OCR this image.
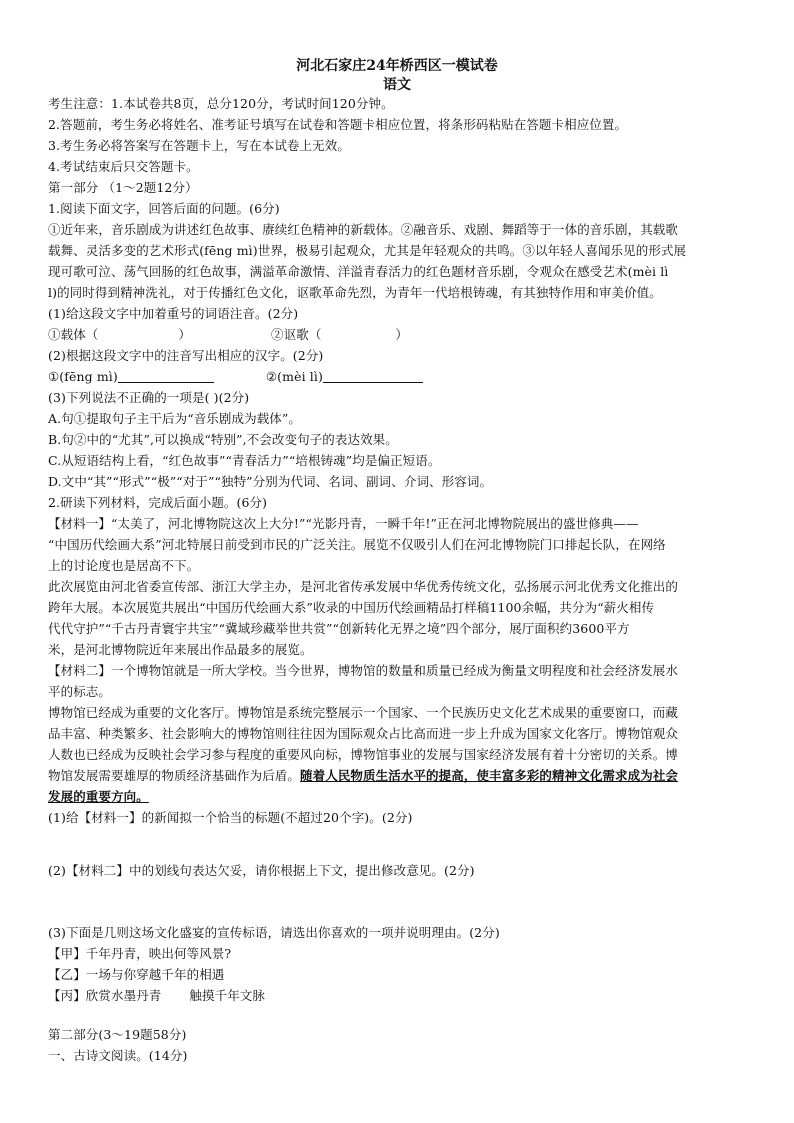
河北石家庄24年桥西区一模试卷
语文
考生注意：1.本试卷共8页，总分120分，考试时间120分钟。
2.答题前，考生务必将姓名、准考证号填写在试卷和答题卡相应位置，将条形码粘贴在答题卡相应位置。
3.考生务必将答案写在答题卡上，写在本试卷上无效。
4.考试结束后只交答题卡。
第一部分 （1～2题12分）
1.阅读下面文字，回答后面的问题。(6分)
①近年来，音乐剧成为讲述红色故事、赓续红色精神的新载体。②融音乐、戏剧、舞蹈等于一体的音乐剧，其载歌
载舞、灵活多变的艺术形式(fēng mì)世界，极易引起观众，尤其是年轻观众的共鸣。③以年轻人喜闻乐见的形式展
现可歌可泣、荡气回肠的红色故事，满溢革命激情、洋溢青春活力的红色题材音乐剧，令观众在感受艺术(mèi lì
l)的同时得到精神洗礼，对于传播红色文化，讴歌革命先烈，为青年一代培根铸魂，有其独特作用和审美价值。
(1)给这段文字中加着重号的词语注音。(2分)
①载体（	）	②讴歌（	）
(2)根据这段文字中的注音写出相应的汉字。(2分)
①(fēng mì)	②(mèi lì)
(3)下列说法不正确的一项是( )(2分)
A.句①提取句子主干后为“音乐剧成为载体”。
B.句②中的“尤其”,可以换成“特别”,不会改变句子的表达效果。
C.从短语结构上看，“红色故事”“青春活力”“培根铸魂”均是偏正短语。
D.文中“其”“形式”“极”“对于”“独特”分别为代词、名词、副词、介词、形容词。
2.研读下列材料，完成后面小题。(6分)
【材料一】“太美了，河北博物院这次上大分!”“光影丹青，一瞬千年!”正在河北博物院展出的盛世修典——
“中国历代绘画大系”河北特展日前受到市民的广泛关注。展览不仅吸引人们在河北博物院门口排起长队，在网络
上的讨论度也是居高不下。
此次展览由河北省委宣传部、浙江大学主办，是河北省传承发展中华优秀传统文化，弘扬展示河北优秀文化推出的
跨年大展。本次展览共展出“中国历代绘画大系”收录的中国历代绘画精品打样稿1100余幅，共分为“薪火相传
代代守护”“千古丹青寰宇共宝”“冀域珍藏举世共赏”“创新转化无界之境”四个部分，展厅面积约3600平方
米，是河北博物院近年来展出作品最多的展览。
【材料二】一个博物馆就是一所大学校。当今世界，博物馆的数量和质量已经成为衡量文明程度和社会经济发展水
平的标志。
博物馆已经成为重要的文化客厅。博物馆是系统完整展示一个国家、一个民族历史文化艺术成果的重要窗口，而藏
品丰富、种类繁多、社会影响大的博物馆则往往因为国际观众占比高而进一步上升成为国家文化客厅。博物馆观众
人数也已经成为反映社会学习参与程度的重要风向标，博物馆事业的发展与国家经济发展有着十分密切的关系。博
物馆发展需要雄厚的物质经济基础作为后盾。随着人民物质生活水平的提高，使丰富多彩的精神文化需求成为社会
发展的重要方向。
(1)给【材料一】的新闻拟一个恰当的标题(不超过20个字)。(2分)
(2)【材料二】中的划线句表达欠妥，请你根据上下文，提出修改意见。(2分)
(3)下面是几则这场文化盛宴的宣传标语，请选出你喜欢的一项并说明理由。(2分)
【甲】千年丹青，映出何等风景?
【乙】一场与你穿越千年的相遇
【丙】欣赏水墨丹青 触摸千年文脉
第二部分(3～19题58分)
一、古诗文阅读。(14分)
